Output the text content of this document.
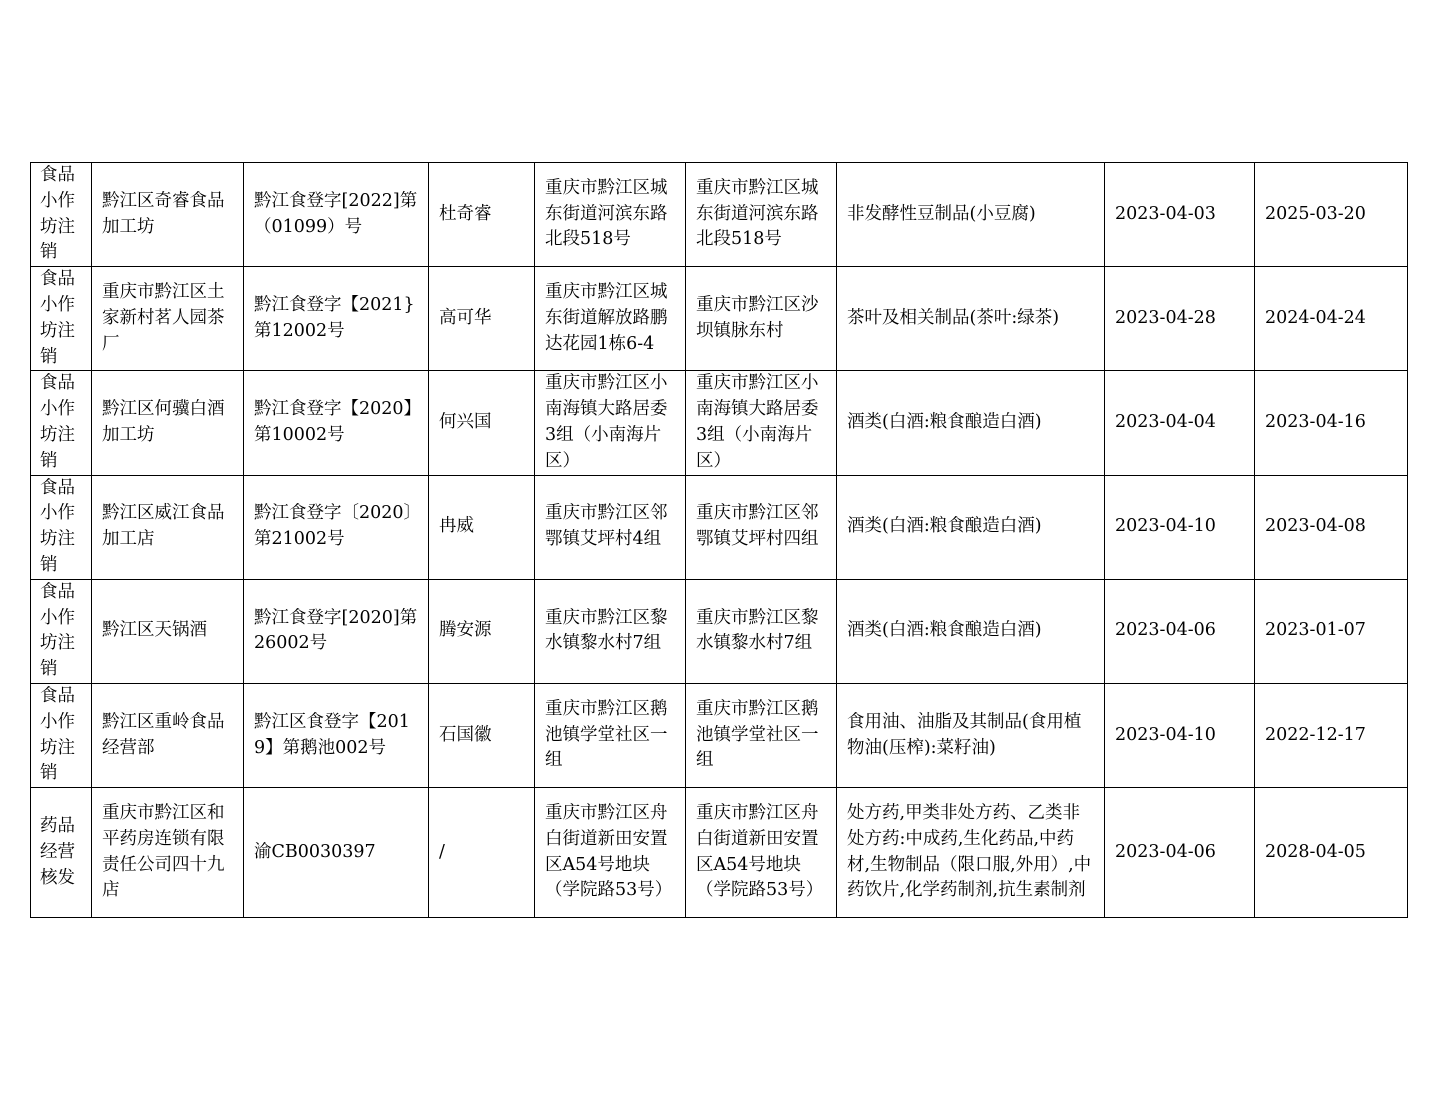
食品小作坊注销	黔江区奇睿食品加工坊	黔江食登字[2022]第（01099）号	杜奇睿	重庆市黔江区城东街道河滨东路北段518号	重庆市黔江区城东街道河滨东路北段518号	非发酵性豆制品(小豆腐)	2023-04-03	2025-03-20
食品小作坊注销	重庆市黔江区土家新村茗人园茶厂	黔江食登字【2021}第12002号	高可华	重庆市黔江区城东街道解放路鹏达花园1栋6-4	重庆市黔江区沙坝镇脉东村	茶叶及相关制品(茶叶:绿茶)	2023-04-28	2024-04-24
食品小作坊注销	黔江区何骥白酒加工坊	黔江食登字【2020】第10002号	何兴国	重庆市黔江区小南海镇大路居委3组（小南海片区）	重庆市黔江区小南海镇大路居委3组（小南海片区）	酒类(白酒:粮食酿造白酒)	2023-04-04	2023-04-16
食品小作坊注销	黔江区威江食品加工店	黔江食登字〔2020〕第21002号	冉威	重庆市黔江区邻鄂镇艾坪村4组	重庆市黔江区邻鄂镇艾坪村四组	酒类(白酒:粮食酿造白酒)	2023-04-10	2023-04-08
食品小作坊注销	黔江区天锅酒	黔江食登字[2020]第26002号	腾安源	重庆市黔江区黎水镇黎水村7组	重庆市黔江区黎水镇黎水村7组	酒类(白酒:粮食酿造白酒)	2023-04-06	2023-01-07
食品小作坊注销	黔江区重岭食品经营部	黔江区食登字【2019】第鹅池002号	石国徽	重庆市黔江区鹅池镇学堂社区一组	重庆市黔江区鹅池镇学堂社区一组	食用油、油脂及其制品(食用植物油(压榨):菜籽油)	2023-04-10	2022-12-17
药品经营核发	重庆市黔江区和平药房连锁有限责任公司四十九店	渝CB0030397	/	重庆市黔江区舟白街道新田安置区A54号地块（学院路53号）	重庆市黔江区舟白街道新田安置区A54号地块（学院路53号）	处方药,甲类非处方药、乙类非处方药:中成药,生化药品,中药材,生物制品（限口服,外用）,中药饮片,化学药制剂,抗生素制剂	2023-04-06	2028-04-05
